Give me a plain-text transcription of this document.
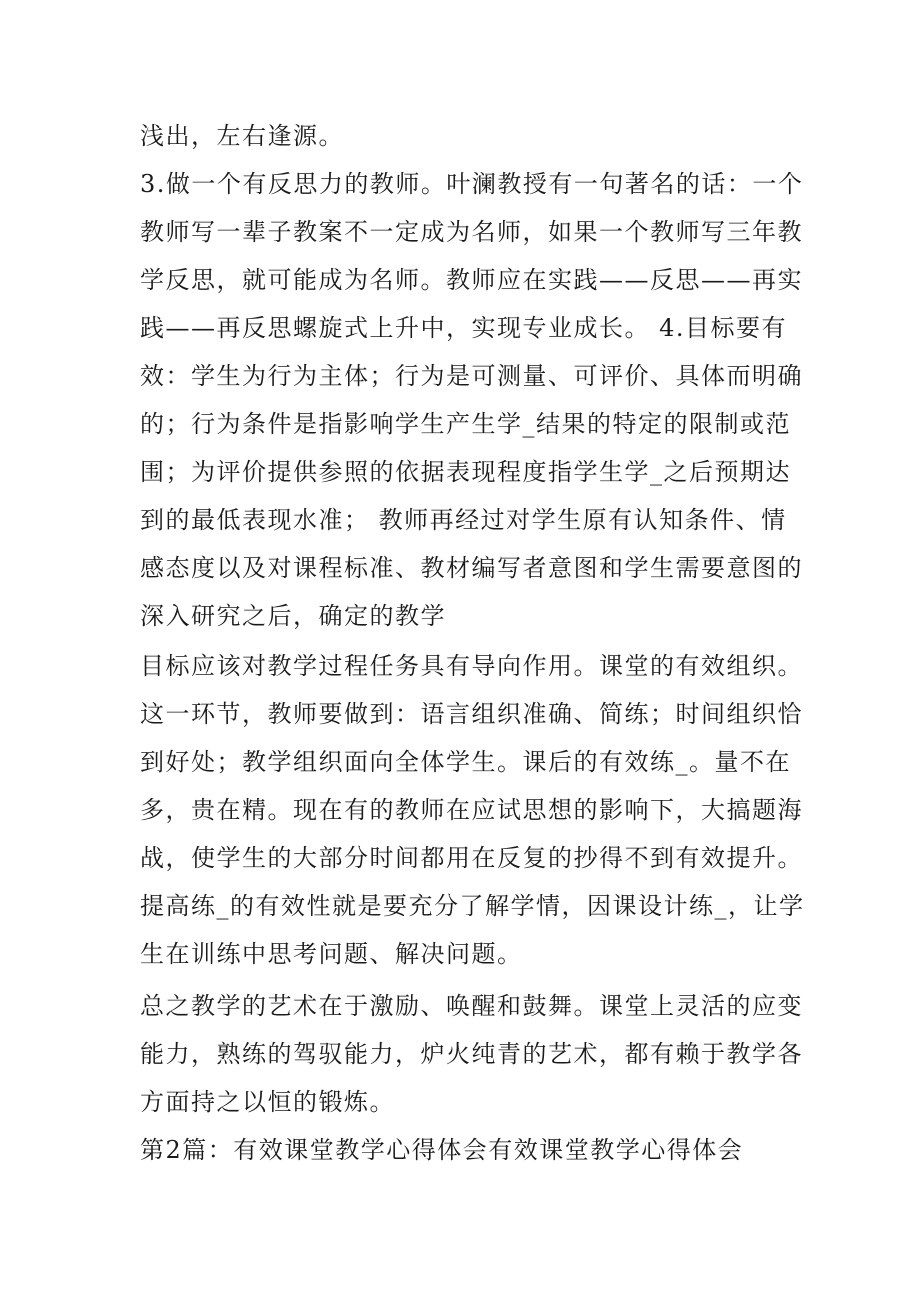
浅出，左右逢源。
3.做一个有反思力的教师。叶澜教授有一句著名的话：一个
教师写一辈子教案不一定成为名师，如果一个教师写三年教
学反思，就可能成为名师。教师应在实践——反思——再实
践——再反思螺旋式上升中，实现专业成长。 4.目标要有
效：学生为行为主体；行为是可测量、可评价、具体而明确
的；行为条件是指影响学生产生学_结果的特定的限制或范
围；为评价提供参照的依据表现程度指学生学_之后预期达
到的最低表现水准； 教师再经过对学生原有认知条件、情
感态度以及对课程标准、教材编写者意图和学生需要意图的
深入研究之后，确定的教学
目标应该对教学过程任务具有导向作用。课堂的有效组织。
这一环节，教师要做到：语言组织准确、简练；时间组织恰
到好处；教学组织面向全体学生。课后的有效练_。量不在
多，贵在精。现在有的教师在应试思想的影响下，大搞题海
战，使学生的大部分时间都用在反复的抄得不到有效提升。
提高练_的有效性就是要充分了解学情，因课设计练_，让学
生在训练中思考问题、解决问题。
总之教学的艺术在于激励、唤醒和鼓舞。课堂上灵活的应变
能力，熟练的驾驭能力，炉火纯青的艺术，都有赖于教学各
方面持之以恒的锻炼。
第2篇：有效课堂教学心得体会有效课堂教学心得体会
